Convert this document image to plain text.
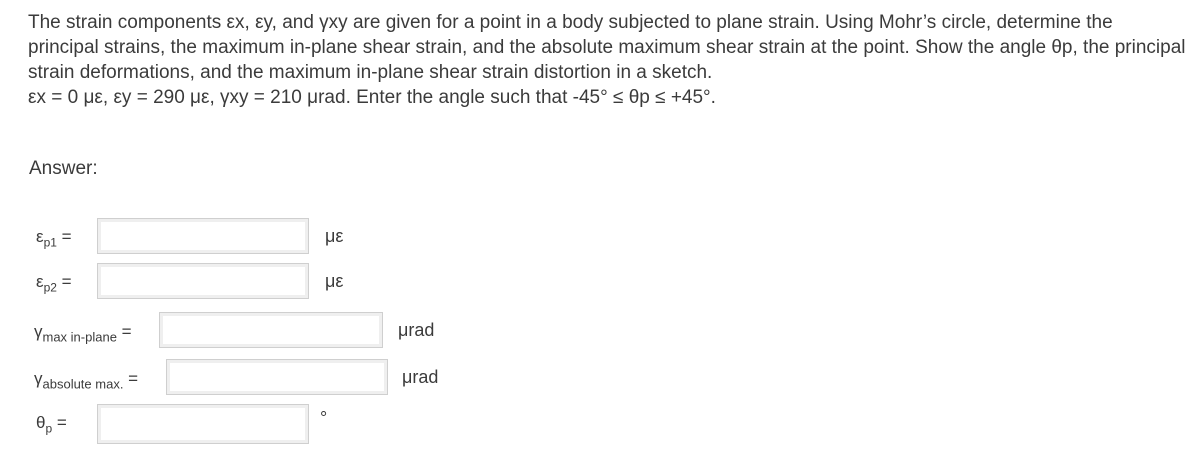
The strain components εx, εy, and γxy are given for a point in a body subjected to plane strain. Using Mohr’s circle, determine the principal strains, the maximum in-plane shear strain, and the absolute maximum shear strain at the point. Show the angle θp, the principal strain deformations, and the maximum in-plane shear strain distortion in a sketch.

εx = 0 με, εy = 290 με, γxy = 210 μrad. Enter the angle such that -45° ≤ θp ≤ +45°.

Answer:
$\varepsilon_{p1}$ =	με
$\varepsilon_{p2}$ =	με
$\gamma_{max in-plane}$ =	μrad
$\gamma_{absolute max.}$ =	μrad
$\theta_p$ =	°
